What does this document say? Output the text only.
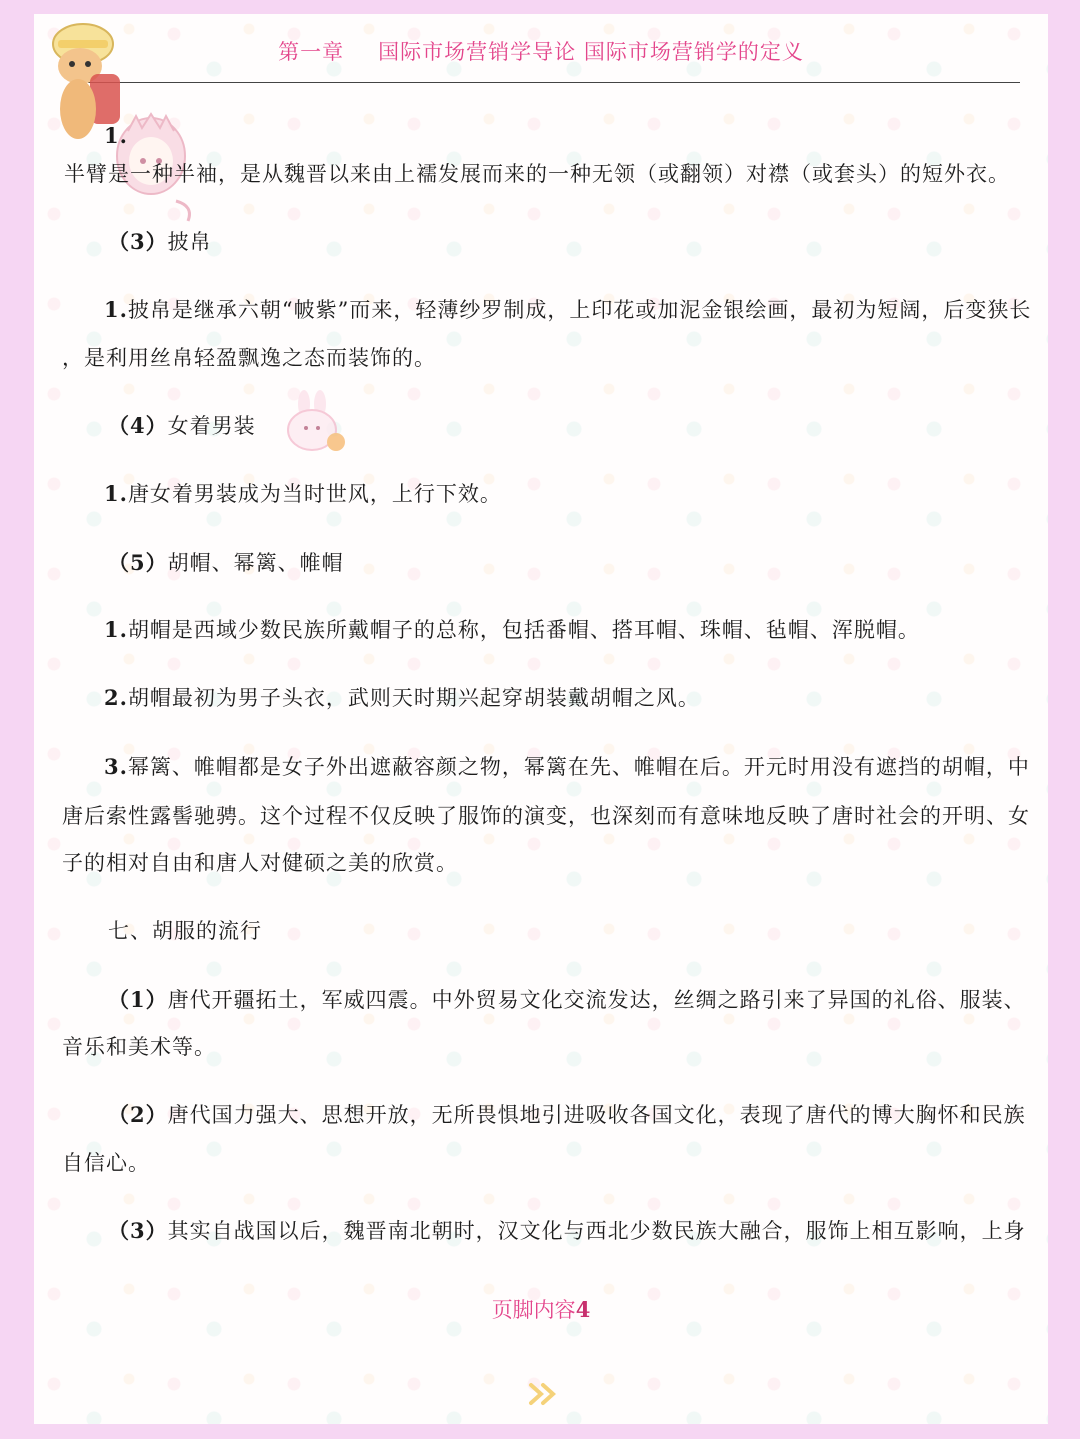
第一章 国际市场营销学导论 国际市场营销学的定义
1.
半臂是一种半袖，是从魏晋以来由上襦发展而来的一种无领（或翻领）对襟（或套头）的短外衣。
（3）披帛
1.披帛是继承六朝“帔紫”而来，轻薄纱罗制成，上印花或加泥金银绘画，最初为短阔，后变狭长
，是利用丝帛轻盈飘逸之态而装饰的。
（4）女着男装
1.唐女着男装成为当时世风，上行下效。
（5）胡帽、幂篱、帷帽
1.胡帽是西域少数民族所戴帽子的总称，包括番帽、搭耳帽、珠帽、毡帽、浑脱帽。
2.胡帽最初为男子头衣，武则天时期兴起穿胡装戴胡帽之风。
3.幂篱、帷帽都是女子外出遮蔽容颜之物，幂篱在先、帷帽在后。开元时用没有遮挡的胡帽，中
唐后索性露髻驰骋。这个过程不仅反映了服饰的演变，也深刻而有意味地反映了唐时社会的开明、女
子的相对自由和唐人对健硕之美的欣赏。
七、胡服的流行
（1）唐代开疆拓土，军威四震。中外贸易文化交流发达，丝绸之路引来了异国的礼俗、服装、
音乐和美术等。
（2）唐代国力强大、思想开放，无所畏惧地引进吸收各国文化，表现了唐代的博大胸怀和民族
自信心。
（3）其实自战国以后，魏晋南北朝时，汉文化与西北少数民族大融合，服饰上相互影响，上身
页脚内容4
